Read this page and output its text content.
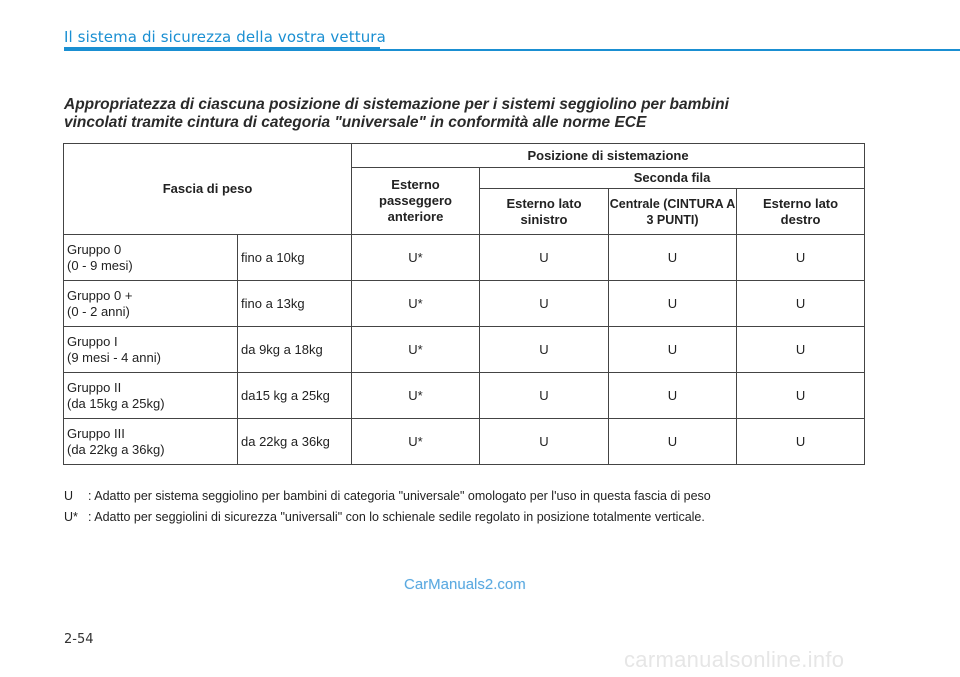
Il sistema di sicurezza della vostra vettura
Appropriatezza di ciascuna posizione di sistemazione per i sistemi seggiolino per bambini
vincolati tramite cintura di categoria "universale" in conformità alle norme ECE
Fascia di peso		Posizione di sistemazione			
		Esterno passeggero anteriore	Seconda fila		
			Esterno lato sinistro	Centrale (CINTURA A 3 PUNTI)	Esterno lato destro

Gruppo 0
(0 - 9 mesi)	fino a 10kg	U*	U	U	U

Gruppo 0 +
(0 - 2 anni)	fino a 13kg	U*	U	U	U

Gruppo I
(9 mesi - 4 anni)	da 9kg a 18kg	U*	U	U	U

Gruppo II
(da 15kg a 25kg)	da15 kg a 25kg	U*	U	U	U

Gruppo III
(da 22kg a 36kg)	da 22kg a 36kg	U*	U	U	U
U	: Adatto per sistema seggiolino per bambini di categoria "universale" omologato per l'uso in questa fascia di peso
U* : Adatto per seggiolini di sicurezza "universali" con lo schienale sedile regolato in posizione totalmente verticale.
CarManuals2.com
2-54
carmanualsonline.info
